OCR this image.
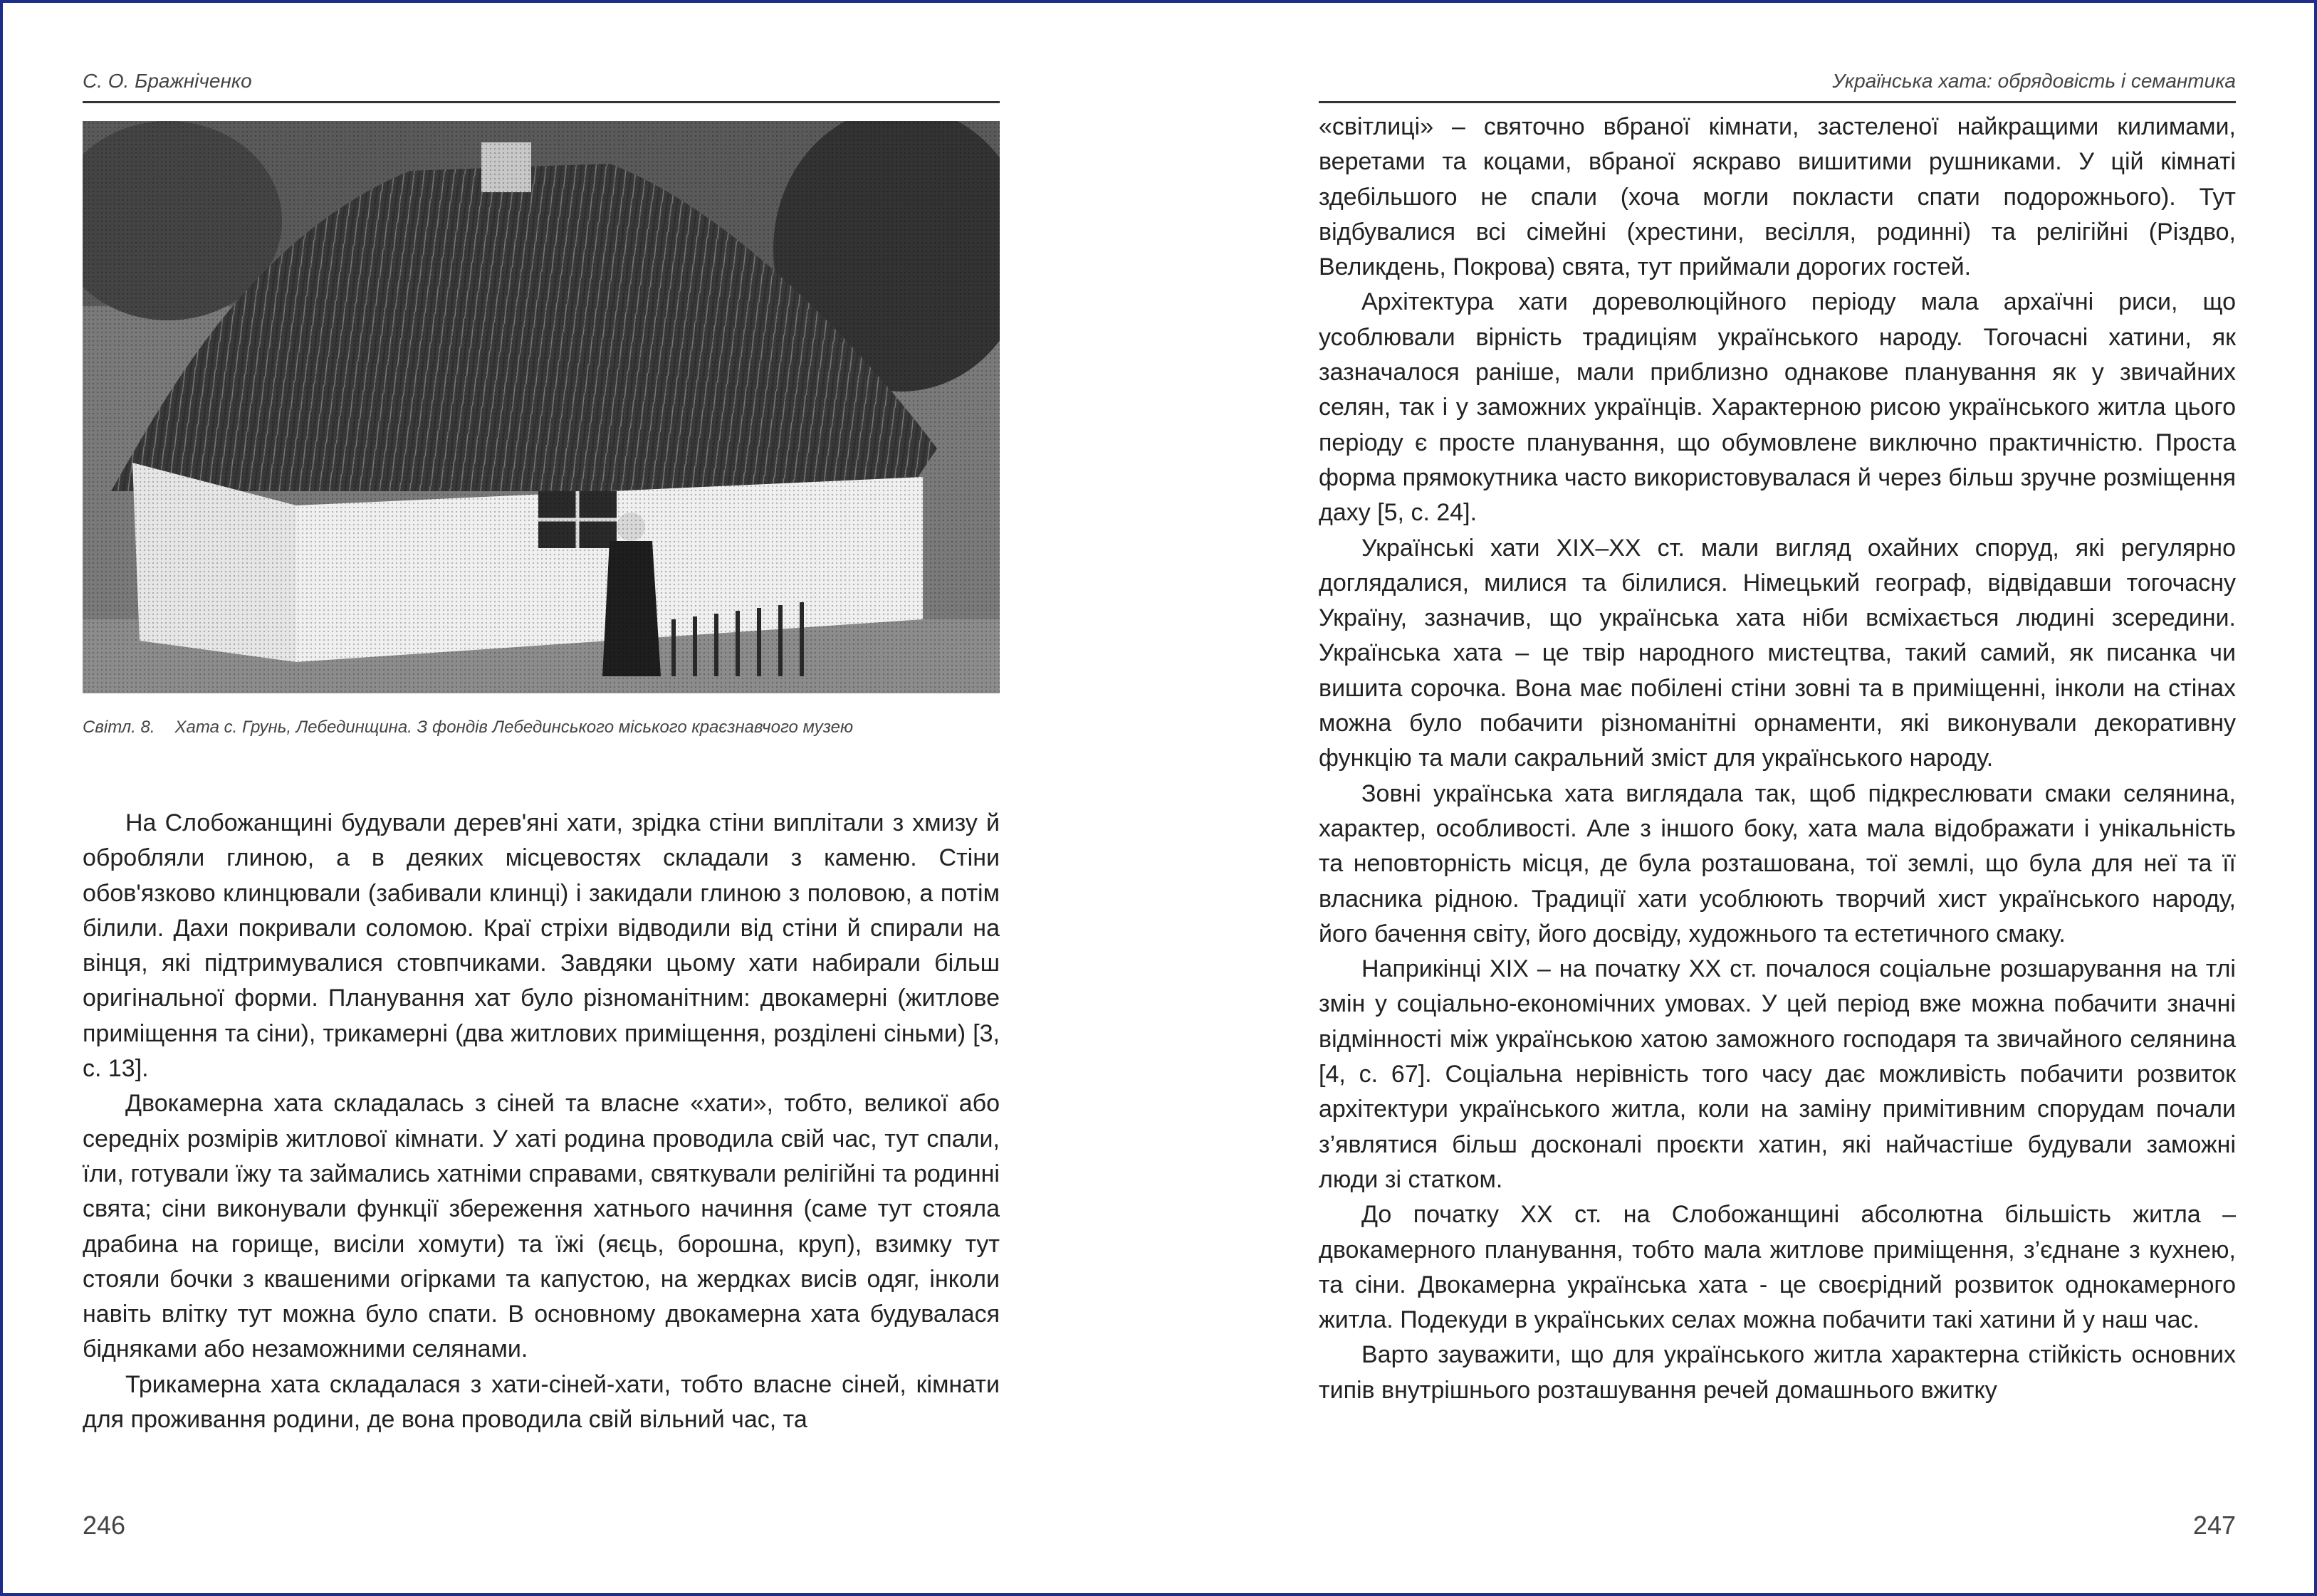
С. О. Бражніченко
Світл. 8. Хата с. Грунь, Лебединщина. З фондів Лебединського міського краєзнавчого музею

На Слобожанщині будували дерев'яні хати, зрідка стіни виплітали з хмизу й обробляли глиною, а в деяких місцевостях складали з каменю. Стіни обов'язково клинцювали (забивали клинці) і закидали глиною з половою, а потім білили. Дахи покривали соломою. Краї стріхи відводили від стіни й спирали на вінця, які підтримувалися стовпчиками. Завдяки цьому хати набирали більш оригінальної форми. Планування хат було різноманітним: двокамерні (житлове приміщення та сіни), трикамерні (два житлових приміщення, розділені сіньми) [3, с. 13].

Двокамерна хата складалась з сіней та власне «хати», тобто, великої або середніх розмірів житлової кімнати. У хаті родина проводила свій час, тут спали, їли, готували їжу та займались хатніми справами, святкували релігійні та родинні свята; сіни виконували функції збереження хатнього начиння (саме тут стояла драбина на горище, висіли хомути) та їжі (яєць, борошна, круп), взимку тут стояли бочки з квашеними огірками та капустою, на жердках висів одяг, інколи навіть влітку тут можна було спати. В основному двокамерна хата будувалася бідняками або незаможними селянами.

Трикамерна хата складалася з хати-сіней-хати, тобто власне сіней, кімнати для проживання родини, де вона проводила свій вільний час, та

246
Українська хата: обрядовість і семантика

«світлиці» – святочно вбраної кімнати, застеленої найкращими килимами, веретами та коцами, вбраної яскраво вишитими рушниками. У цій кімнаті здебільшого не спали (хоча могли покласти спати подорожнього). Тут відбувалися всі сімейні (хрестини, весілля, родинні) та релігійні (Різдво, Великдень, Покрова) свята, тут приймали дорогих гостей.

Архітектура хати дореволюційного періоду мала архаїчні риси, що усоблювали вірність традиціям українського народу. Тогочасні хатини, як зазначалося раніше, мали приблизно однакове планування як у звичайних селян, так і у заможних українців. Характерною рисою українського житла цього періоду є просте планування, що обумовлене виключно практичністю. Проста форма прямокутника часто використовувалася й через більш зручне розміщення даху [5, с. 24].

Українські хати XIX–XX ст. мали вигляд охайних споруд, які регулярно доглядалися, милися та білилися. Німецький географ, відвідавши тогочасну Україну, зазначив, що українська хата ніби всміхається людині зсередини. Українська хата – це твір народного мистецтва, такий самий, як писанка чи вишита сорочка. Вона має побілені стіни зовні та в приміщенні, інколи на стінах можна було побачити різноманітні орнаменти, які виконували декоративну функцію та мали сакральний зміст для українського народу.

Зовні українська хата виглядала так, щоб підкреслювати смаки селянина, характер, особливості. Але з іншого боку, хата мала відображати і унікальність та неповторність місця, де була розташована, тої землі, що була для неї та її власника рідною. Традиції хати усоблюють творчий хист українського народу, його бачення світу, його досвіду, художнього та естетичного смаку.

Наприкінці XIX – на початку XX ст. почалося соціальне розшарування на тлі змін у соціально-економічних умовах. У цей період вже можна побачити значні відмінності між українською хатою заможного господаря та звичайного селянина [4, с. 67]. Соціальна нерівність того часу дає можливість побачити розвиток архітектури українського житла, коли на заміну примітивним спорудам почали з’являтися більш досконалі проєкти хатин, які найчастіше будували заможні люди зі статком.

До початку XX ст. на Слобожанщині абсолютна більшість житла – двокамерного планування, тобто мала житлове приміщення, з’єднане з кухнею, та сіни. Двокамерна українська хата - це своєрідний розвиток однокамерного житла. Подекуди в українських селах можна побачити такі хатини й у наш час.

Варто зауважити, що для українського житла характерна стійкість основних типів внутрішнього розташування речей домашнього вжитку

247
